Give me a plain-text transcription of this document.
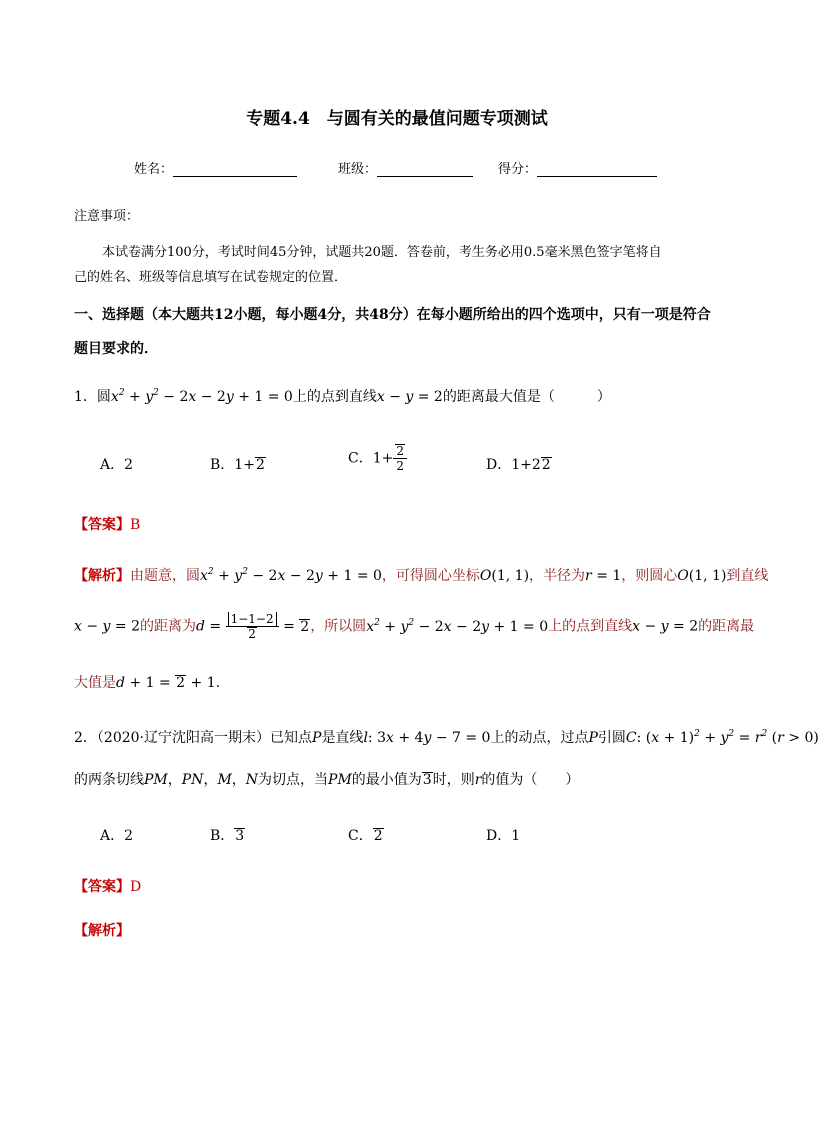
专题4.4　与圆有关的最值问题专项测试
姓名：	班级：	得分：
注意事项：
本试卷满分100分，考试时间45分钟，试题共20题．答卷前，考生务必用0.5毫米黑色签字笔将自
己的姓名、班级等信息填写在试卷规定的位置．
一、选择题（本大题共12小题，每小题4分，共48分）在每小题所给出的四个选项中，只有一项是符合
题目要求的．
1．圆$x^2 + y^2 - 2x - 2y + 1 = 0$上的点到直线x − y = 2的距离最大值是（　　　）
A．2	B．1+2	C．$1+ \frac{2}{2}$	D．1+22
【答案】B
【解析】由题意，圆$x^2 + y^2 - 2x - 2y + 1 = 0$，可得圆心坐标O(1, 1)，半径为r = 1，则圆心O(1, 1)到直线
x − y = 2的距离为$d = \frac{1-1-2}{2} = 2$，所以圆$x^2 + y^2 - 2x - 2y + 1 = 0$上的点到直线x − y = 2的距离最
大值是d + 1 = 2 + 1.
2．（2020·辽宁沈阳高一期末）已知点P是直线l: 3x + 4y − 7 = 0上的动点，过点P引圆C: $(x + 1)^2 + y^2 = r^2$ (r > 0)
的两条切线PM，PN，M，N为切点，当PM的最小值为3时，则r的值为（　　）
A．2	B．3	C．2	D．1
【答案】D
【解析】
